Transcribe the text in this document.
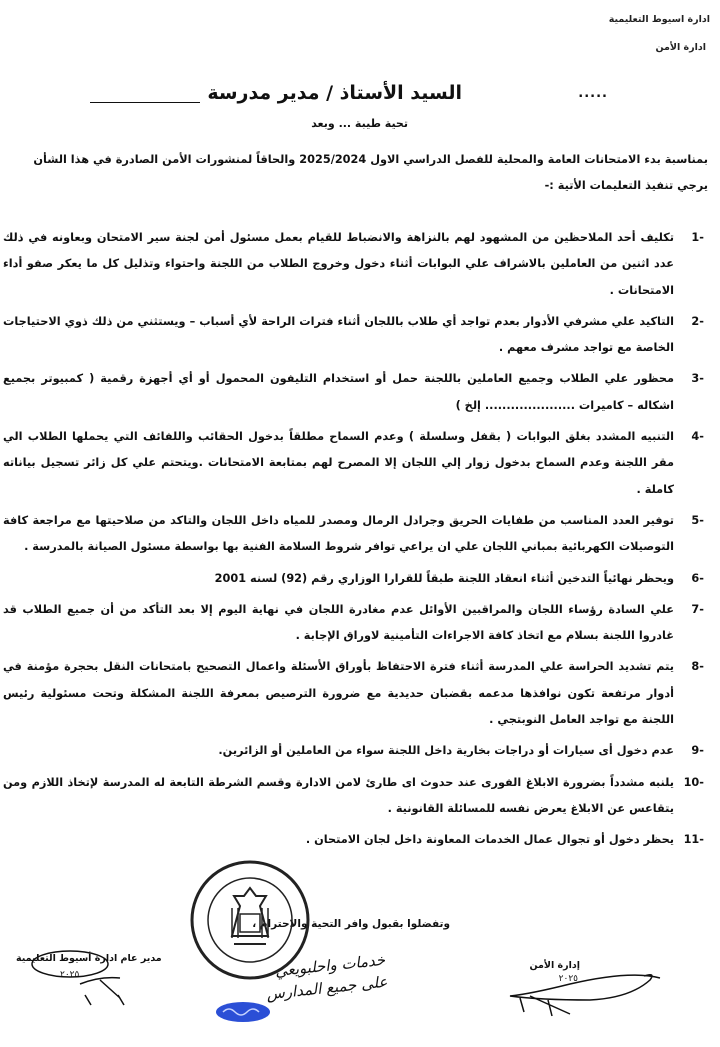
ادارة اسيوط التعليمية
ادارة الأمن
.....
السيد الأستاذ / مدير مدرسة
تحية طيبة ... وبعد
بمناسبة بدء الامتحانات العامة والمحلية للفصل الدراسي الاول 2025/2024 والحاقاً لمنشورات الأمن الصادرة في هذا الشأن يرجي تنفيذ التعليمات الأتية :-
-1
تكليف أحد الملاحظين من المشهود لهم بالنزاهة والانضباط للقيام بعمل مسئول أمن لجنة سير الامتحان وبعاونه في ذلك عدد اثنين من العاملين بالاشراف علي البوابات أثناء دخول وخروج الطلاب من اللجنة واحتواء وتذليل كل ما يعكر صفو أداء الامتحانات .
-2
التاكيد علي مشرفي الأدوار بعدم تواجد أي طلاب باللجان أثناء فترات الراحة لأي أسباب – ويستثني من ذلك ذوي الاحتياجات الخاصة مع تواجد مشرف معهم .
-3
محظور علي الطلاب وجميع العاملين باللجنة حمل أو استخدام التليفون المحمول أو أي أجهزة رقمية ( كمبيوتر بجميع اشكاله – كاميرات ..................... إلخ )
-4
التنبيه المشدد بغلق البوابات ( بقفل وسلسلة ) وعدم السماح مطلقاً بدخول الحقائب واللفائف التي يحملها الطلاب الي مقر اللجنة وعدم السماح بدخول زوار إلي اللجان إلا المصرح لهم بمتابعة الامتحانات .ويتحتم علي كل زائر تسجيل بياناته كاملة .
-5
توفير العدد المناسب من طفايات الحريق وجرادل الرمال ومصدر للمياه داخل اللجان والتاكد من صلاحيتها مع مراجعة كافة التوصيلات الكهربائية بمباني اللجان علي ان يراعي توافر شروط السلامة الفنية بها بواسطة مسئول الصيانة بالمدرسة .
-6
ويحظر نهائياً التدخين أثناء انعقاد اللجنة طبقاً للقرارا الوزاري رقم (92) لسنه 2001
-7
علي السادة رؤساء اللجان والمراقبين الأوائل عدم مغادرة اللجان في نهاية اليوم إلا بعد التأكد من أن جميع الطلاب قد غادروا اللجنة بسلام مع اتخاذ كافة الاجراءات التأمينية لاوراق الإجابة .
-8
يتم تشديد الحراسة علي المدرسة أثناء فترة الاحتفاظ بأوراق الأسئلة واعمال التصحيح بامتحانات النقل بحجرة مؤمنة في أدوار مرتفعة تكون نوافذها مدعمه بقضبان حديدية مع ضرورة الترصيص بمعرفة اللجنة المشكلة وتحت مسئولية رئيس اللجنة مع تواجد العامل النوبتجي .
-9
عدم دخول أى سيارات أو دراجات بخارية داخل اللجنة سواء من العاملين أو الزائرين.
-10
يلنبه مشدداً بضرورة الابلاغ الفورى عند حدوث اى طارئ لامن الادارة وقسم الشرطة التابعة له المدرسة لإتخاذ اللازم ومن يتقاعس عن الابلاغ يعرض نفسه للمسائلة القانونية .
-11
يحظر دخول أو تجوال عمال الخدمات المعاونة داخل لجان الامتحان .
وتفضلوا بقبول وافر التحية والاحترام ،
مدير عام ادارة أسيوط التعليمية
٢٠٢٥	خدمات واحلبويعي
على جميع المدارس
إدارة الأمن
٢٠٢٥
